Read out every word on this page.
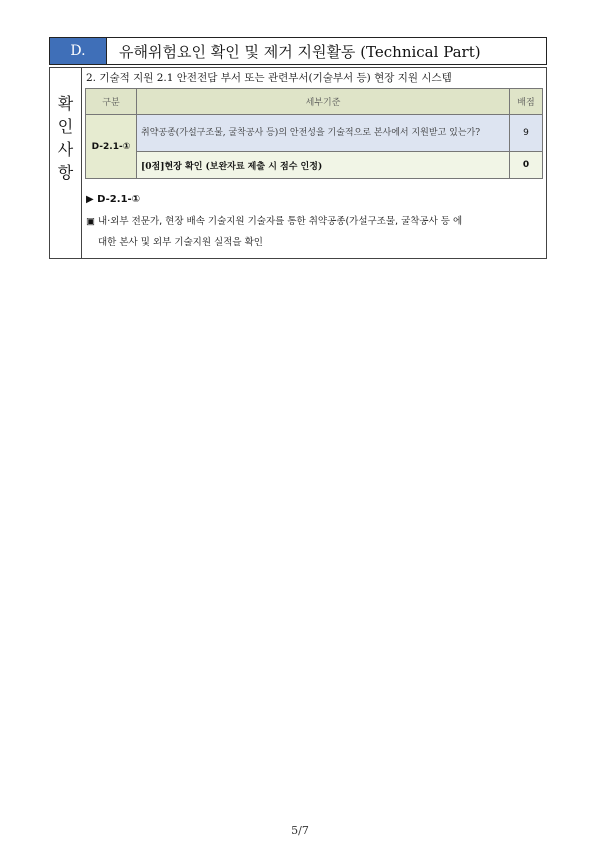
D.	유해위험요인 확인 및 제거 지원활동 (Technical Part)
확
인
사
항
2. 기술적 지원 2.1 안전전담 부서 또는 관련부서(기술부서 등) 현장 지원 시스템
구분	세부기준	배점
D-2.1-①	취약공종(가설구조물, 굴착공사 등)의 안전성을 기술적으로 본사에서 지원받고 있는가?	9
	[0점]현장 확인 (보완자료 제출 시 점수 인정)	0
▶ D-2.1-①
▣ 내·외부 전문가, 현장 배속 기술지원 기술자를 통한 취약공종(가설구조물, 굴착공사 등 에
대한 본사 및 외부 기술지원 실적을 확인
5/7
